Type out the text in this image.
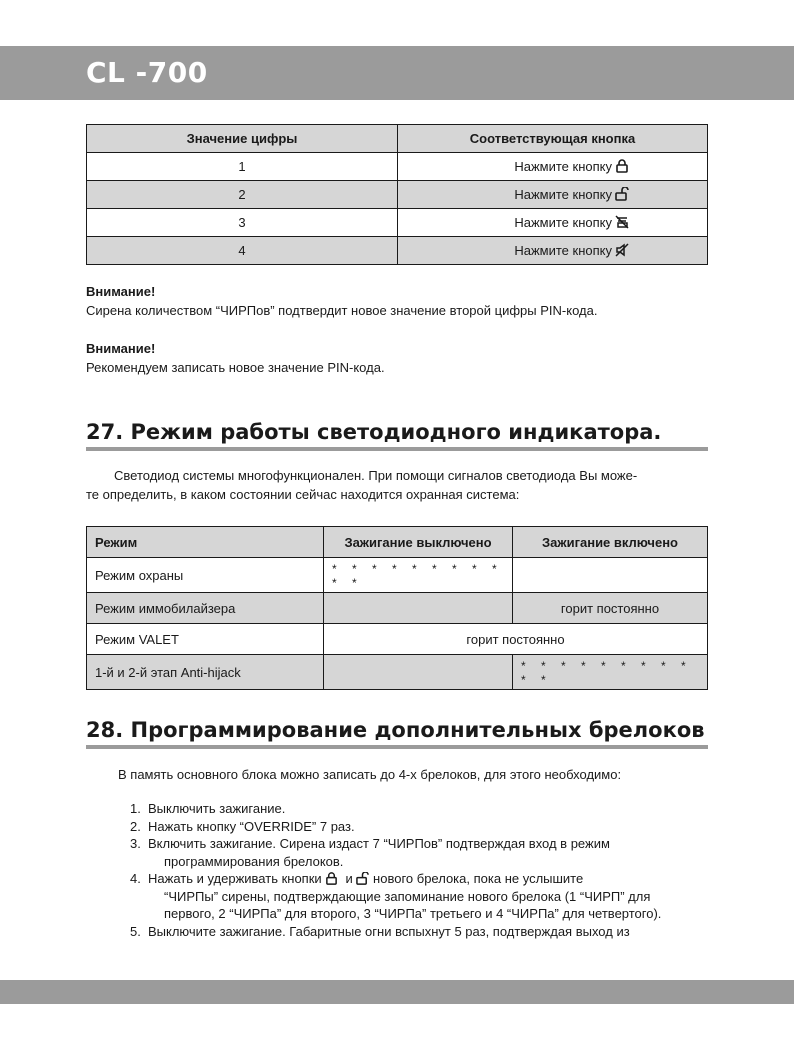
CL -700
Значение цифры	Соответствующая кнопка
1	Нажмите кнопку
2	Нажмите кнопку
3	Нажмите кнопку
4	Нажмите кнопку
Внимание!
Сирена количеством “ЧИРПов” подтвердит новое значение второй цифры PIN-кода.
Внимание!
Рекомендуем записать новое значение PIN-кода.
27. Режим работы светодиодного индикатора.
Светодиод системы многофункционален. При помощи сигналов светодиода Вы може-
те определить, в каком состоянии сейчас находится охранная система:
Режим	Зажигание выключено	Зажигание включено
Режим охраны	* * * * * * * * * * *	
Режим иммобилайзера		горит постоянно
Режим VALET	горит постоянно	
1-й и 2-й этап Anti-hijack		* * * * * * * * * * *
28. Программирование дополнительных брелоков
В память основного блока можно записать до 4-х брелоков, для этого необходимо:
1. Выключить зажигание.
2. Нажать кнопку “OVERRIDE” 7 раз.
3. Включить зажигание. Сирена издаст 7 “ЧИРПов” подтверждая вход в режим
программирования брелоков.
4. Нажать и удерживать кнопки и нового брелока, пока не услышите
“ЧИРПы” сирены, подтверждающие запоминание нового брелока (1 “ЧИРП” для
первого, 2 “ЧИРПа” для второго, 3 “ЧИРПа” третьего и 4 “ЧИРПа” для четвертого).
5. Выключите зажигание. Габаритные огни вспыхнут 5 раз, подтверждая выход из
